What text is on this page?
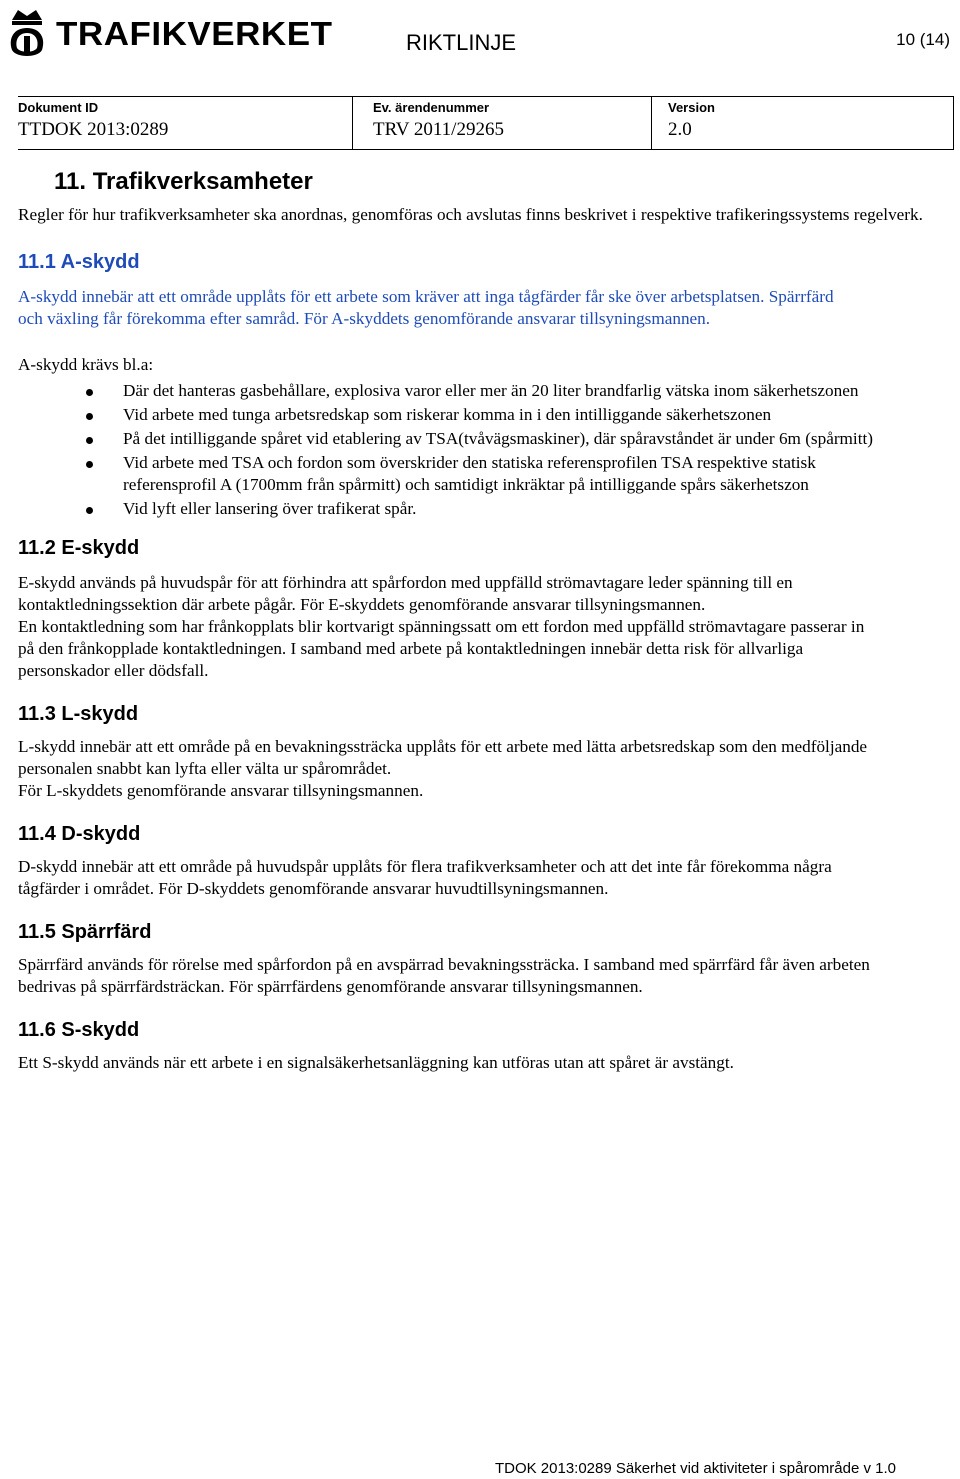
TRAFIKVERKET	RIKTLINJE	10 (14)
Dokument ID
TTDOK 2013:0289
Ev. ärendenummer
TRV 2011/29265
Version
2.0
11. Trafikverksamheter

Regler för hur trafikverksamheter ska anordnas, genomföras och avslutas finns beskrivet i respektive trafikeringssystems regelverk.

11.1 A-skydd

A-skydd innebär att ett område upplåts för ett arbete som kräver att inga tågfärder får ske över arbetsplatsen. Spärrfärd och växling får förekomma efter samråd. För A-skyddets genomförande ansvarar tillsyningsmannen.

A-skydd krävs bl.a:

Där det hanteras gasbehållare, explosiva varor eller mer än 20 liter brandfarlig vätska inom säkerhetszonen
Vid arbete med tunga arbetsredskap som riskerar komma in i den intilliggande säkerhetszonen
På det intilliggande spåret vid etablering av TSA(tvåvägsmaskiner), där spåravståndet är under 6m (spårmitt)
Vid arbete med TSA och fordon som överskrider den statiska referensprofilen TSA respektive statisk referensprofil A (1700mm från spårmitt) och samtidigt inkräktar på intilliggande spårs säkerhetszon
Vid lyft eller lansering över trafikerat spår.
11.2 E-skydd

E-skydd används på huvudspår för att förhindra att spårfordon med uppfälld strömavtagare leder spänning till en kontaktledningssektion där arbete pågår. För E-skyddets genomförande ansvarar tillsyningsmannen.

En kontaktledning som har frånkopplats blir kortvarigt spänningssatt om ett fordon med uppfälld strömavtagare passerar in på den frånkopplade kontaktledningen. I samband med arbete på kontaktledningen innebär detta risk för allvarliga personskador eller dödsfall.

11.3 L-skydd

L-skydd innebär att ett område på en bevakningssträcka upplåts för ett arbete med lätta arbetsredskap som den medföljande personalen snabbt kan lyfta eller välta ur spårområdet.

För L-skyddets genomförande ansvarar tillsyningsmannen.

11.4 D-skydd

D-skydd innebär att ett område på huvudspår upplåts för flera trafikverksamheter och att det inte får förekomma några tågfärder i området. För D-skyddets genomförande ansvarar huvudtillsyningsmannen.

11.5 Spärrfärd

Spärrfärd används för rörelse med spårfordon på en avspärrad bevakningssträcka. I samband med spärrfärd får även arbeten bedrivas på spärrfärdsträckan. För spärrfärdens genomförande ansvarar tillsyningsmannen.

11.6 S-skydd

Ett S-skydd används när ett arbete i en signalsäkerhetsanläggning kan utföras utan att spåret är avstängt.

TDOK 2013:0289 Säkerhet vid aktiviteter i spårområde v 1.0
